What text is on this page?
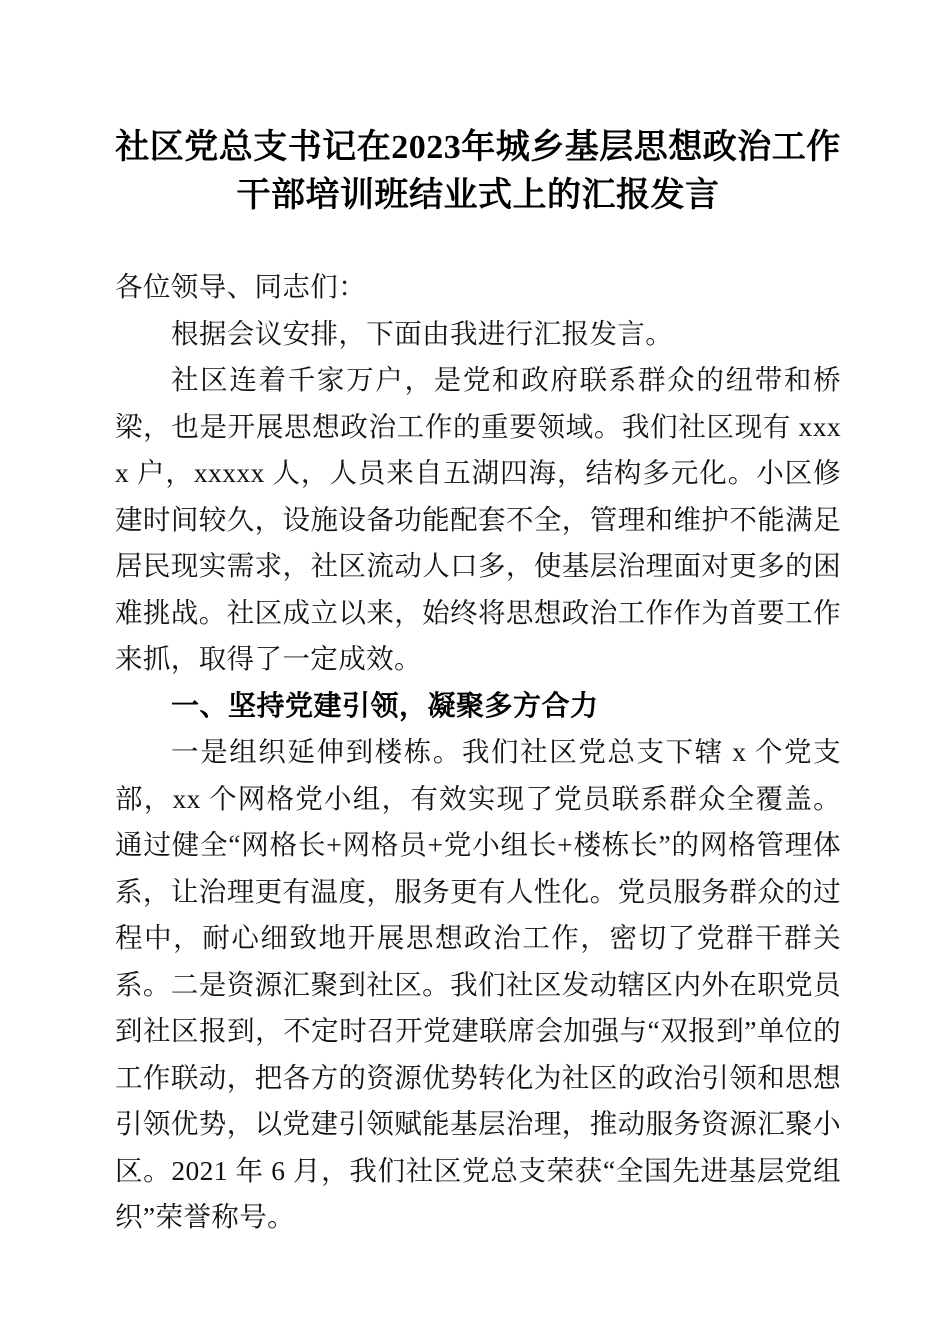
社区党总支书记在2023年城乡基层思想政治工作干部培训班结业式上的汇报发言

各位领导、同志们：

根据会议安排，下面由我进行汇报发言。

社区连着千家万户，是党和政府联系群众的纽带和桥梁，也是开展思想政治工作的重要领域。我们社区现有 xxxx 户，xxxxx 人，人员来自五湖四海，结构多元化。小区修建时间较久，设施设备功能配套不全，管理和维护不能满足居民现实需求，社区流动人口多，使基层治理面对更多的困难挑战。社区成立以来，始终将思想政治工作作为首要工作来抓，取得了一定成效。

一、坚持党建引领，凝聚多方合力

一是组织延伸到楼栋。我们社区党总支下辖 x 个党支部，xx 个网格党小组，有效实现了党员联系群众全覆盖。通过健全“网格长+网格员+党小组长+楼栋长”的网格管理体系，让治理更有温度，服务更有人性化。党员服务群众的过程中，耐心细致地开展思想政治工作，密切了党群干群关系。二是资源汇聚到社区。我们社区发动辖区内外在职党员到社区报到，不定时召开党建联席会加强与“双报到”单位的工作联动，把各方的资源优势转化为社区的政治引领和思想引领优势，以党建引领赋能基层治理，推动服务资源汇聚小区。2021 年 6 月，我们社区党总支荣获“全国先进基层党组织”荣誉称号。
